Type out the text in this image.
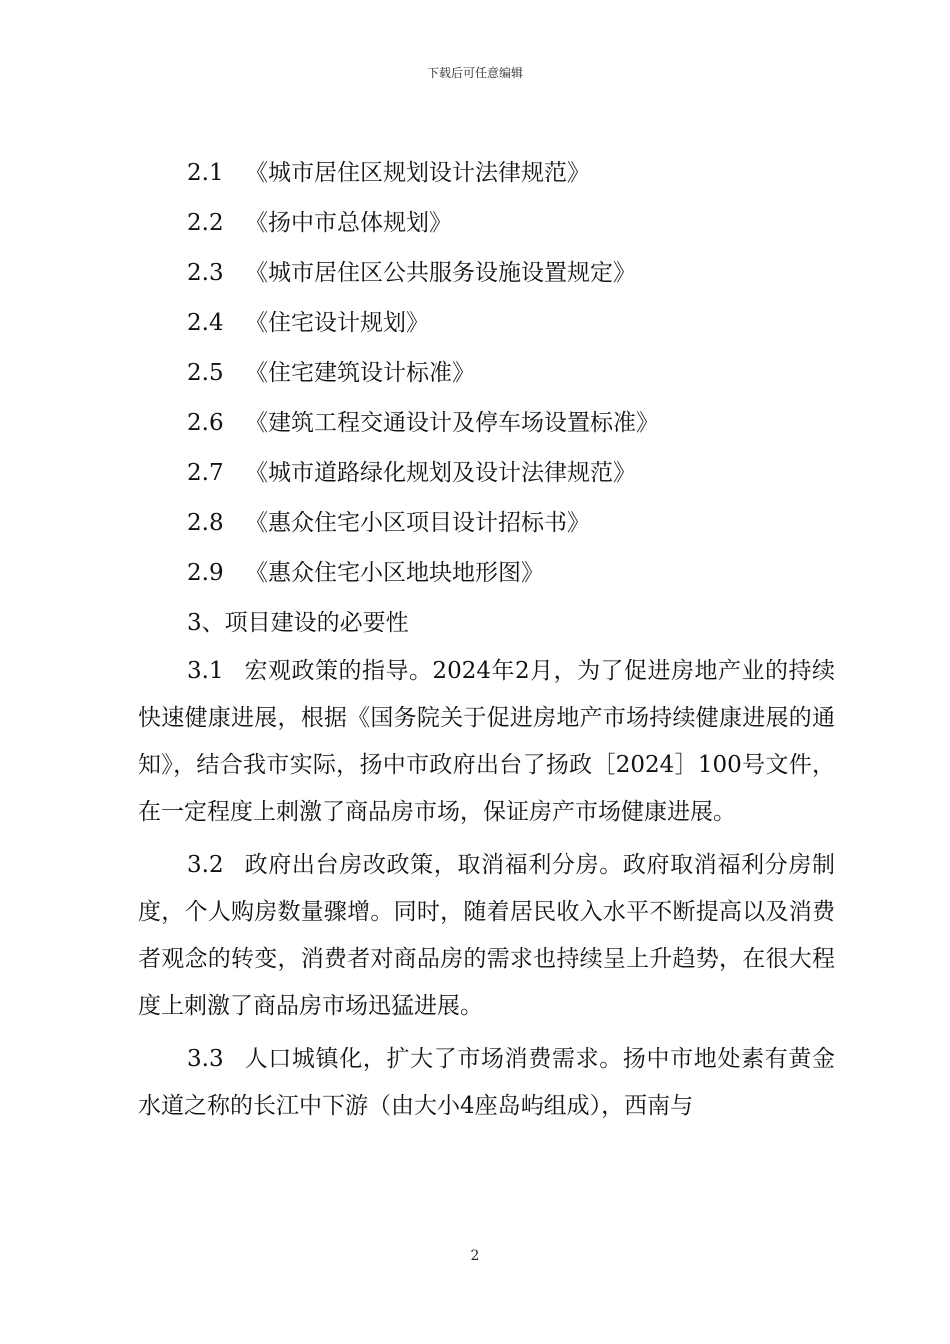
下载后可任意编辑
2.1 《城市居住区规划设计法律规范》
2.2 《扬中市总体规划》
2.3 《城市居住区公共服务设施设置规定》
2.4 《住宅设计规划》
2.5 《住宅建筑设计标准》
2.6 《建筑工程交通设计及停车场设置标准》
2.7 《城市道路绿化规划及设计法律规范》
2.8 《惠众住宅小区项目设计招标书》
2.9 《惠众住宅小区地块地形图》
3、项目建设的必要性

3.1 宏观政策的指导。2024年2月，为了促进房地产业的持续快速健康进展，根据《国务院关于促进房地产市场持续健康进展的通知》，结合我市实际，扬中市政府出台了扬政［2024］100号文件，在一定程度上刺激了商品房市场，保证房产市场健康进展。

3.2 政府出台房改政策，取消福利分房。政府取消福利分房制度，个人购房数量骤增。同时，随着居民收入水平不断提高以及消费者观念的转变，消费者对商品房的需求也持续呈上升趋势，在很大程度上刺激了商品房市场迅猛进展。

3.3 人口城镇化，扩大了市场消费需求。扬中市地处素有黄金水道之称的长江中下游（由大小4座岛屿组成），西南与

2
